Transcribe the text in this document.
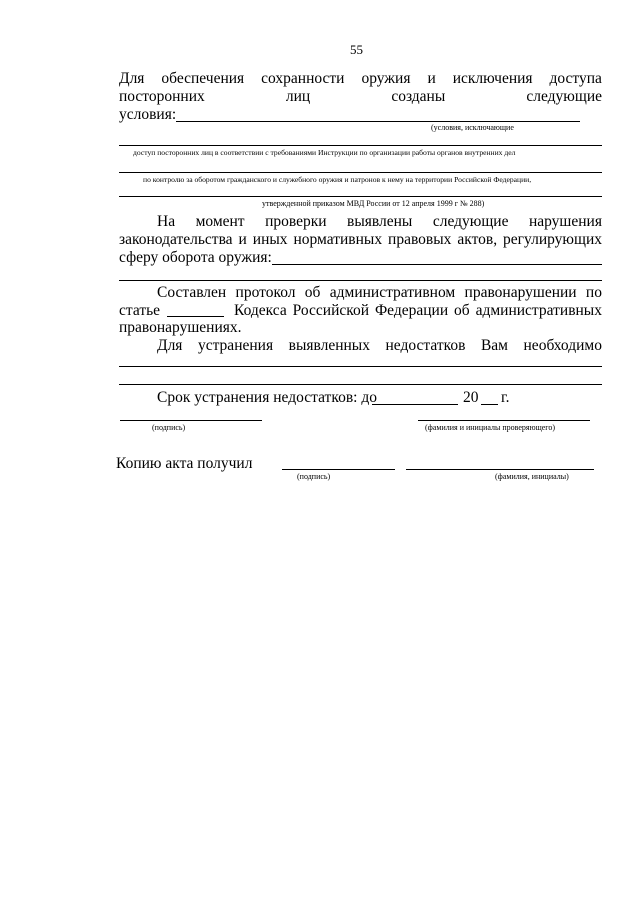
55
Для обеспечения сохранности оружия и исключения доступа
посторонних	лиц	созданы	следующие
условия:
(условия, исключающие
доступ посторонних лиц в соответствии с требованиями Инструкции по организации работы органов внутренних дел
по контролю за оборотом гражданского и служебного оружия и патронов к нему на территории Российской Федерации,
утвержденной приказом МВД России от 12 апреля 1999 г № 288)
На момент проверки выявлены следующие нарушения
законодательства и иных нормативных правовых актов, регулирующих
сферу оборота оружия:
Составлен протокол об административном правонарушении по
статье	Кодекса Российской Федерации об административных
правонарушениях.
Для устранения выявленных недостатков Вам необходимо
Срок устранения недостатков: до	20 г.
(подпись)	(фамилия и инициалы проверяющего)
Копию акта получил
(подпись)	(фамилия, инициалы)
